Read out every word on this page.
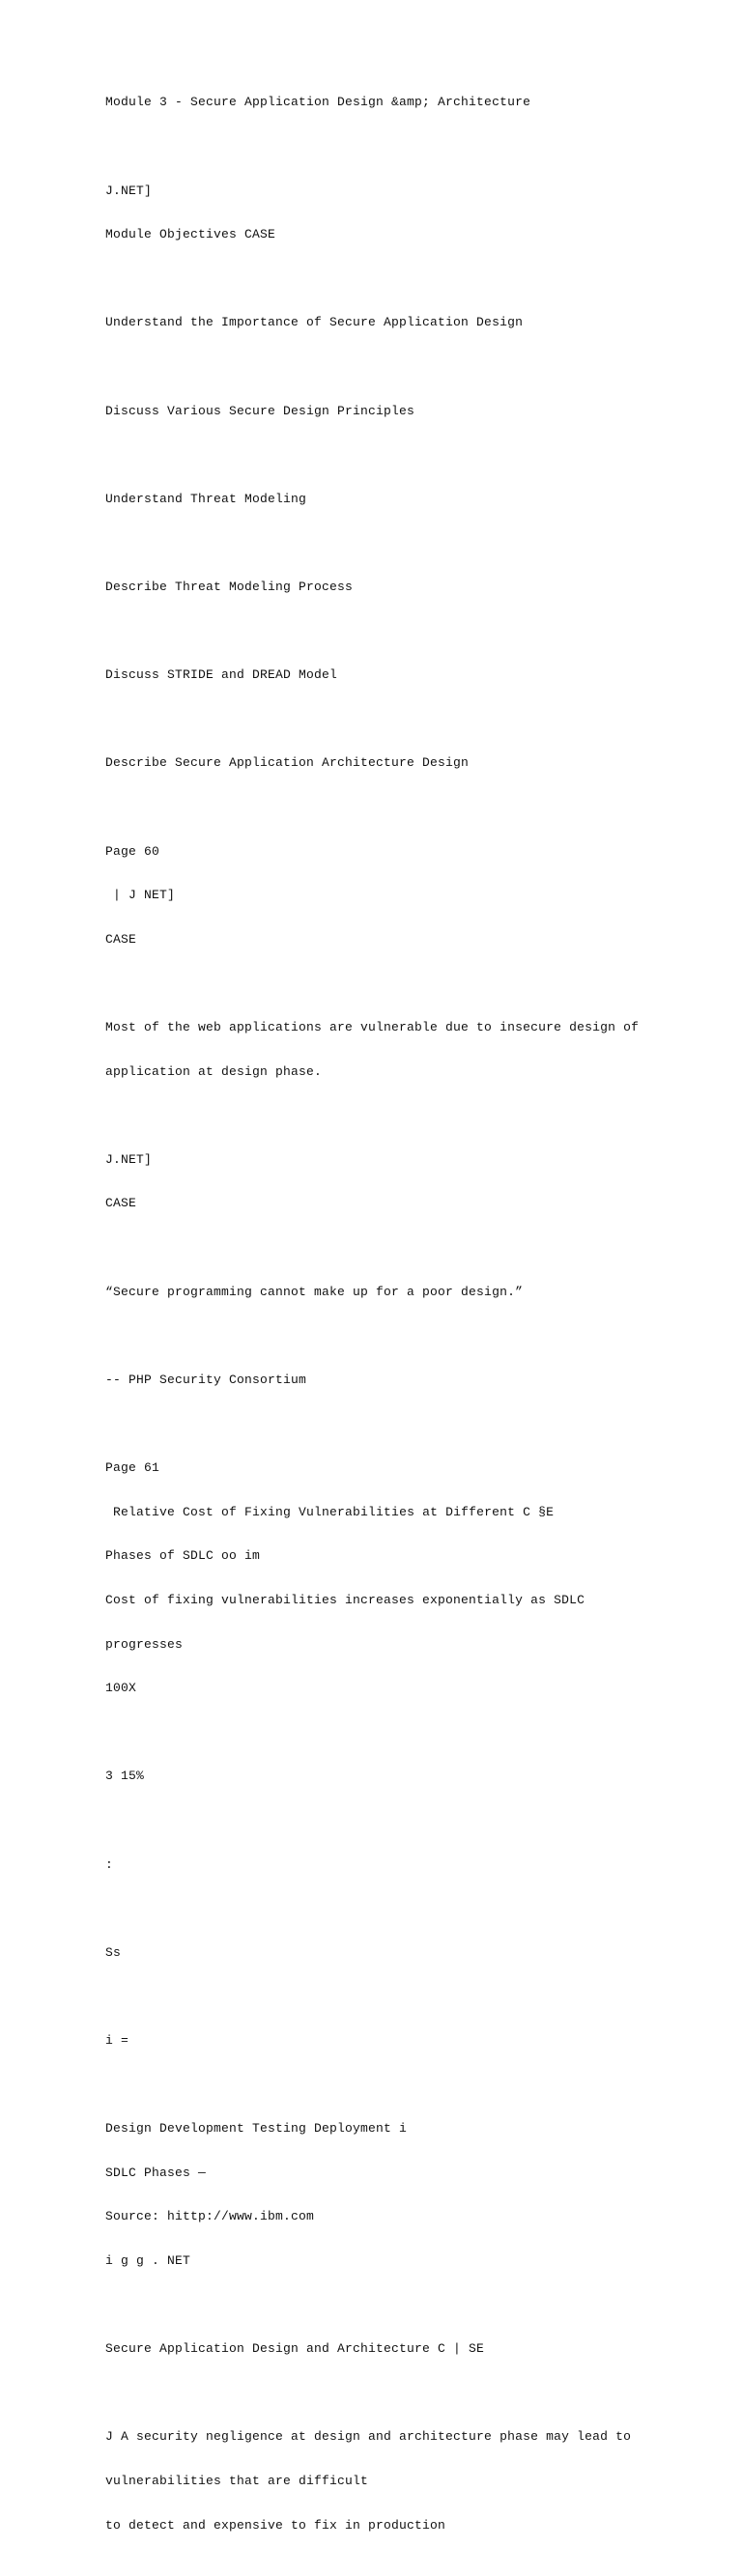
Module 3 - Secure Application Design &amp; Architecture

J.NET]

Module Objectives CASE

Understand the Importance of Secure Application Design

Discuss Various Secure Design Principles

Understand Threat Modeling

Describe Threat Modeling Process

Discuss STRIDE and DREAD Model

Describe Secure Application Architecture Design

Page 60

| J NET]

CASE

Most of the web applications are vulnerable due to insecure design of

application at design phase.

J.NET]

CASE

“Secure programming cannot make up for a poor design.”

-- PHP Security Consortium

Page 61

Relative Cost of Fixing Vulnerabilities at Different C §E

Phases of SDLC oo im

Cost of fixing vulnerabilities increases exponentially as SDLC

progresses

100X

3 15%

:

Ss

i =

Design Development Testing Deployment i

SDLC Phases —

Source: hittp://www.ibm.com

i g g . NET

Secure Application Design and Architecture C | SE

J A security negligence at design and architecture phase may lead to

vulnerabilities that are difficult

to detect and expensive to fix in production
